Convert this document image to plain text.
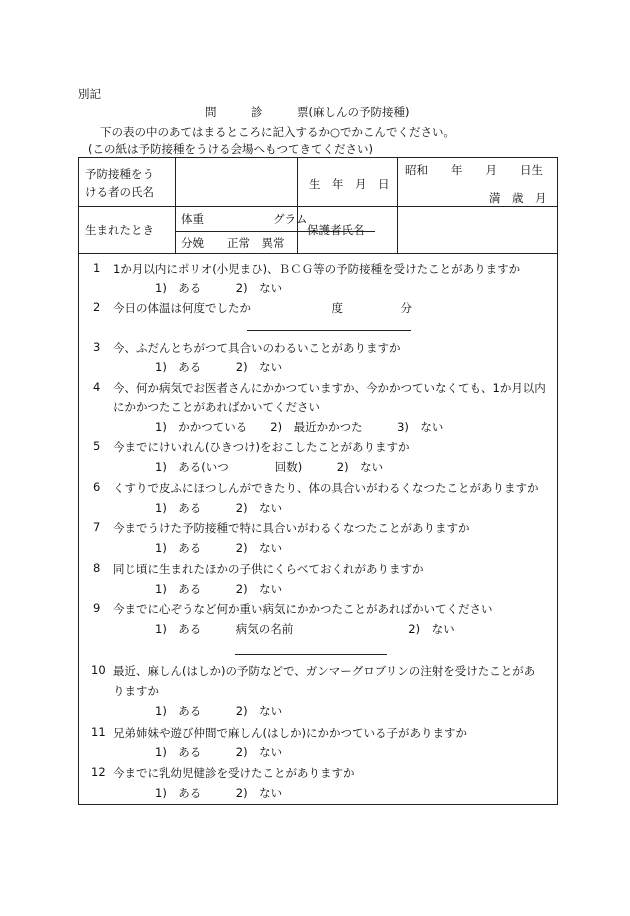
別記
問　　　診　　　票(麻しんの予防接種)
下の表の中のあてはまるところに記入するか○でかこんでください。
(この紙は予防接種をうける会場へもつてきてください)
予防接種をう
ける者の氏名
生　年　月　日
昭和　　年　　月　　日生
満　歳　月
生まれたとき
体重　　　　　　グラム
分娩　　正常　異常
保護者氏名
1 1か月以内にポリオ(小児まひ)、ＢＣＧ等の予防接種を受けたことがありますか
1)　ある　　　2)　ない
2 今日の体温は何度でしたか　　　　　　　度　　　　　分
3 今、ふだんとちがつて具合いのわるいことがありますか
1)　ある　　　2)　ない
4 今、何か病気でお医者さんにかかつていますか、今かかつていなくても、1か月以内
にかかつたことがあればかいてください
1)　かかつている　　2)　最近かかつた　　　3)　ない
5 今までにけいれん(ひきつけ)をおこしたことがありますか
1)　ある(いつ　　　　回数)　　　2)　ない
6 くすりで皮ふにほつしんができたり、体の具合いがわるくなつたことがありますか
1)　ある　　　2)　ない
7 今までうけた予防接種で特に具合いがわるくなつたことがありますか
1)　ある　　　2)　ない
8 同じ頃に生まれたほかの子供にくらべておくれがありますか
1)　ある　　　2)　ない
9 今までに心ぞうなど何か重い病気にかかつたことがあればかいてください
1)　ある　　　病気の名前　　　　　　　　　　2)　ない
10 最近、麻しん(はしか)の予防などで、ガンマーグロブリンの注射を受けたことがあ
りますか
1)　ある　　　2)　ない
11 兄弟姉妹や遊び仲間で麻しん(はしか)にかかつている子がありますか
1)　ある　　　2)　ない
12 今までに乳幼児健診を受けたことがありますか
1)　ある　　　2)　ない
